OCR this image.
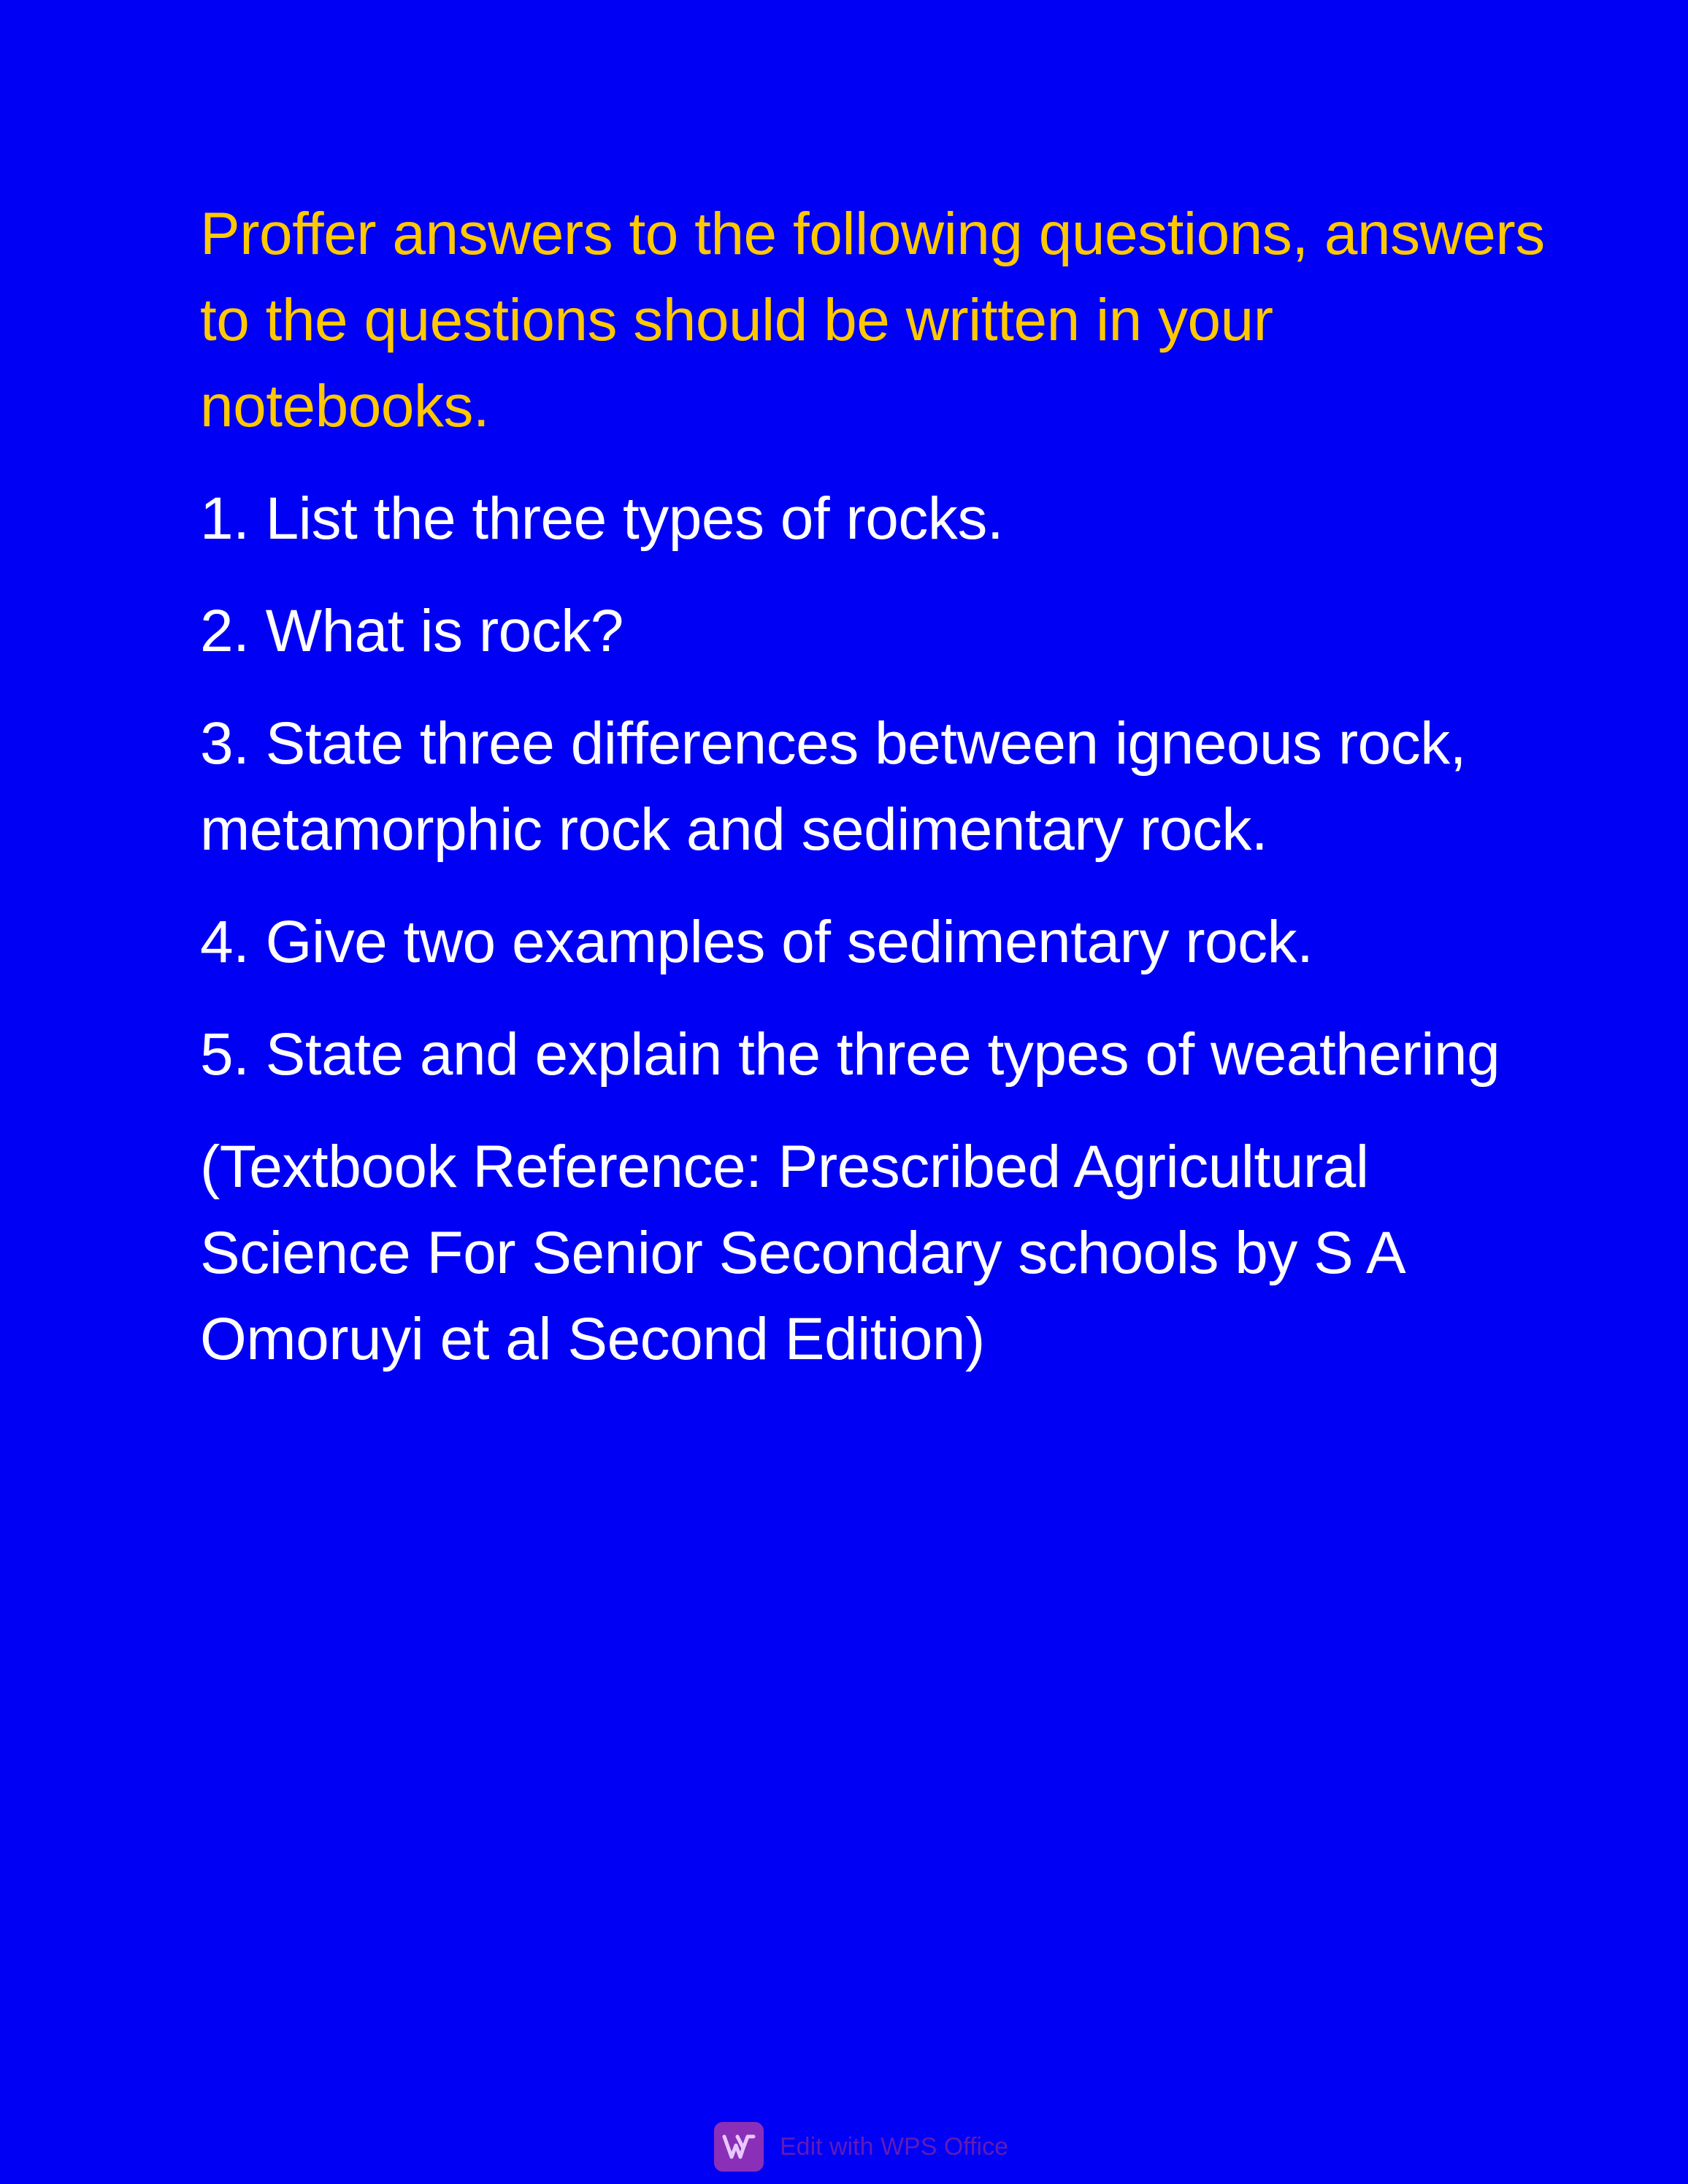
Proffer answers to the following questions, answers to the questions should be written in your notebooks.

1. List the three types of rocks.

2. What is rock?

3. State three differences between igneous rock, metamorphic rock and sedimentary rock.

4. Give two examples of sedimentary rock.

5. State and explain the three types of weathering

(Textbook Reference: Prescribed Agricultural Science For Senior Secondary schools by S A Omoruyi et al Second Edition)

Edit with WPS Office
